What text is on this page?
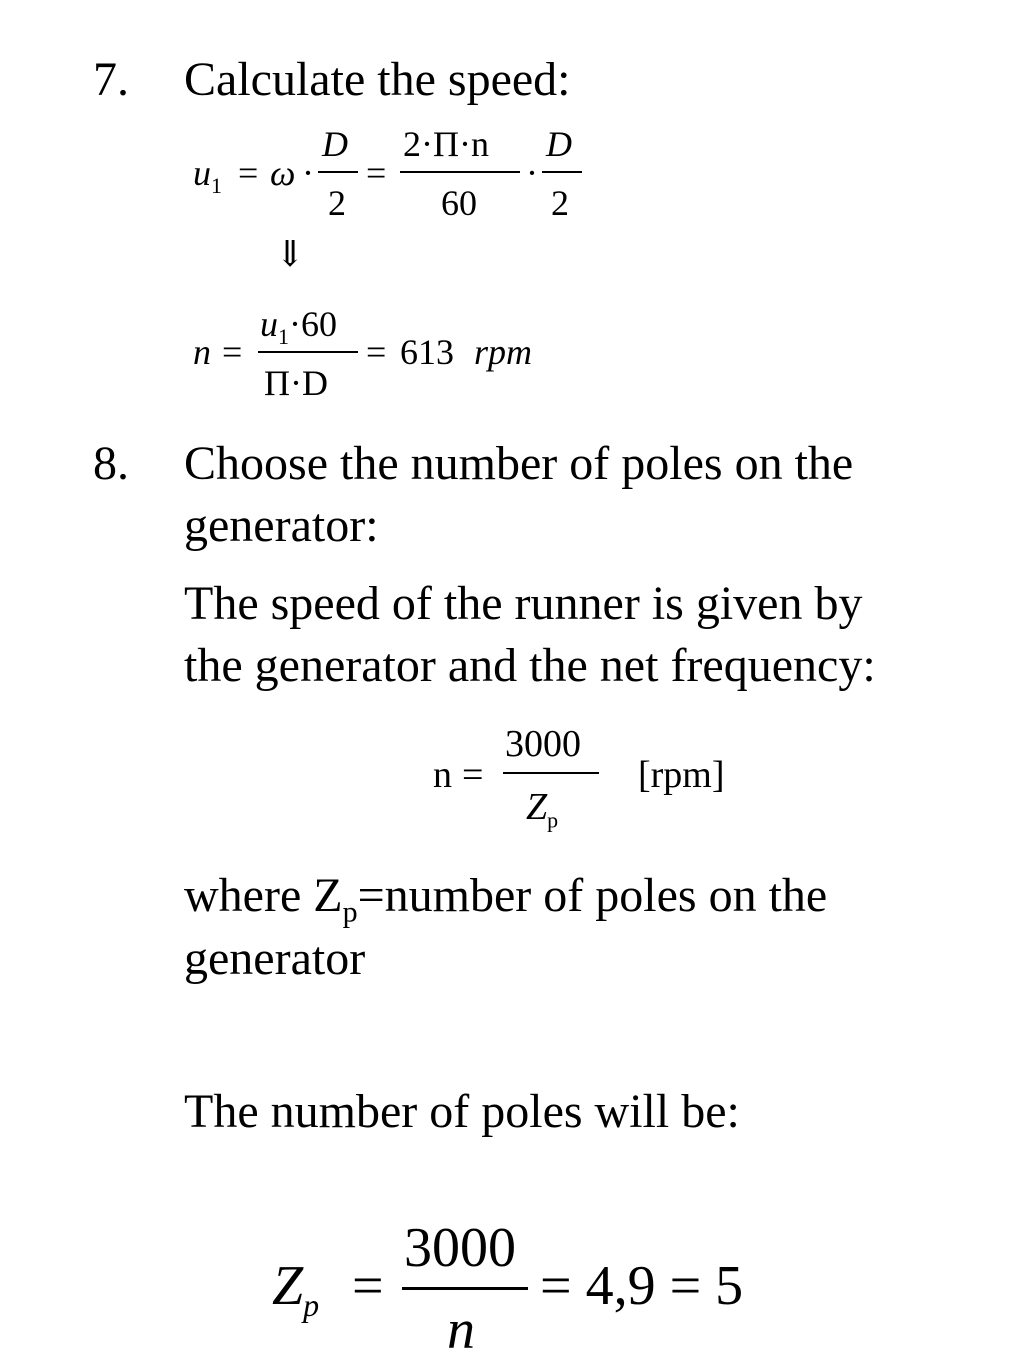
7. Calculate the speed:
$u_1 = \omega$ ·
D
2
=
2·Π·n
60
·
D
2
⇓
n =
$u_1\cdot 60$
Π·D
= 613 rpm
8. Choose the number of poles on the
generator:
The speed of the runner is given by
the generator and the net frequency:
n =
3000
$Z_p$
[rpm]
where $Z_p=number$ of poles on the
generator
The number of poles will be:
$Z_p$ =
3000
n
= 4,9 = 5
